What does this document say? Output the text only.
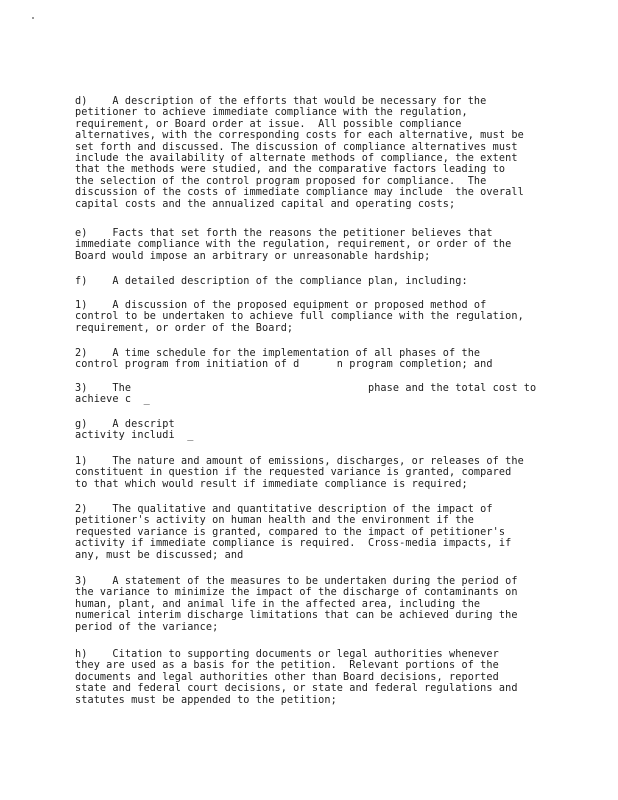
d)    A description of the efforts that would be necessary for the
petitioner to achieve immediate compliance with the regulation,
requirement, or Board order at issue.  All possible compliance
alternatives, with the corresponding costs for each alternative, must be
set forth and discussed. The discussion of compliance alternatives must
include the availability of alternate methods of compliance, the extent
that the methods were studied, and the comparative factors leading to
the selection of the control program proposed for compliance.  The
discussion of the costs of immediate compliance may include  the overall
capital costs and the annualized capital and operating costs;
e)    Facts that set forth the reasons the petitioner believes that
immediate compliance with the regulation, requirement, or order of the
Board would impose an arbitrary or unreasonable hardship;
f)    A detailed description of the compliance plan, including:
1)    A discussion of the proposed equipment or proposed method of
control to be undertaken to achieve full compliance with the regulation,
requirement, or order of the Board;
2)    A time schedule for the implementation of all phases of the
control program from initiation of d      n program completion; and
3)    The                                      phase and the total cost to
achieve c  _
g)    A descript
activity includi  _
1)    The nature and amount of emissions, discharges, or releases of the
constituent in question if the requested variance is granted, compared
to that which would result if immediate compliance is required;
2)    The qualitative and quantitative description of the impact of
petitioner's activity on human health and the environment if the
requested variance is granted, compared to the impact of petitioner's
activity if immediate compliance is required.  Cross-media impacts, if
any, must be discussed; and
3)    A statement of the measures to be undertaken during the period of
the variance to minimize the impact of the discharge of contaminants on
human, plant, and animal life in the affected area, including the
numerical interim discharge limitations that can be achieved during the
period of the variance;
h)    Citation to supporting documents or legal authorities whenever
they are used as a basis for the petition.  Relevant portions of the
documents and legal authorities other than Board decisions, reported
state and federal court decisions, or state and federal regulations and
statutes must be appended to the petition;
